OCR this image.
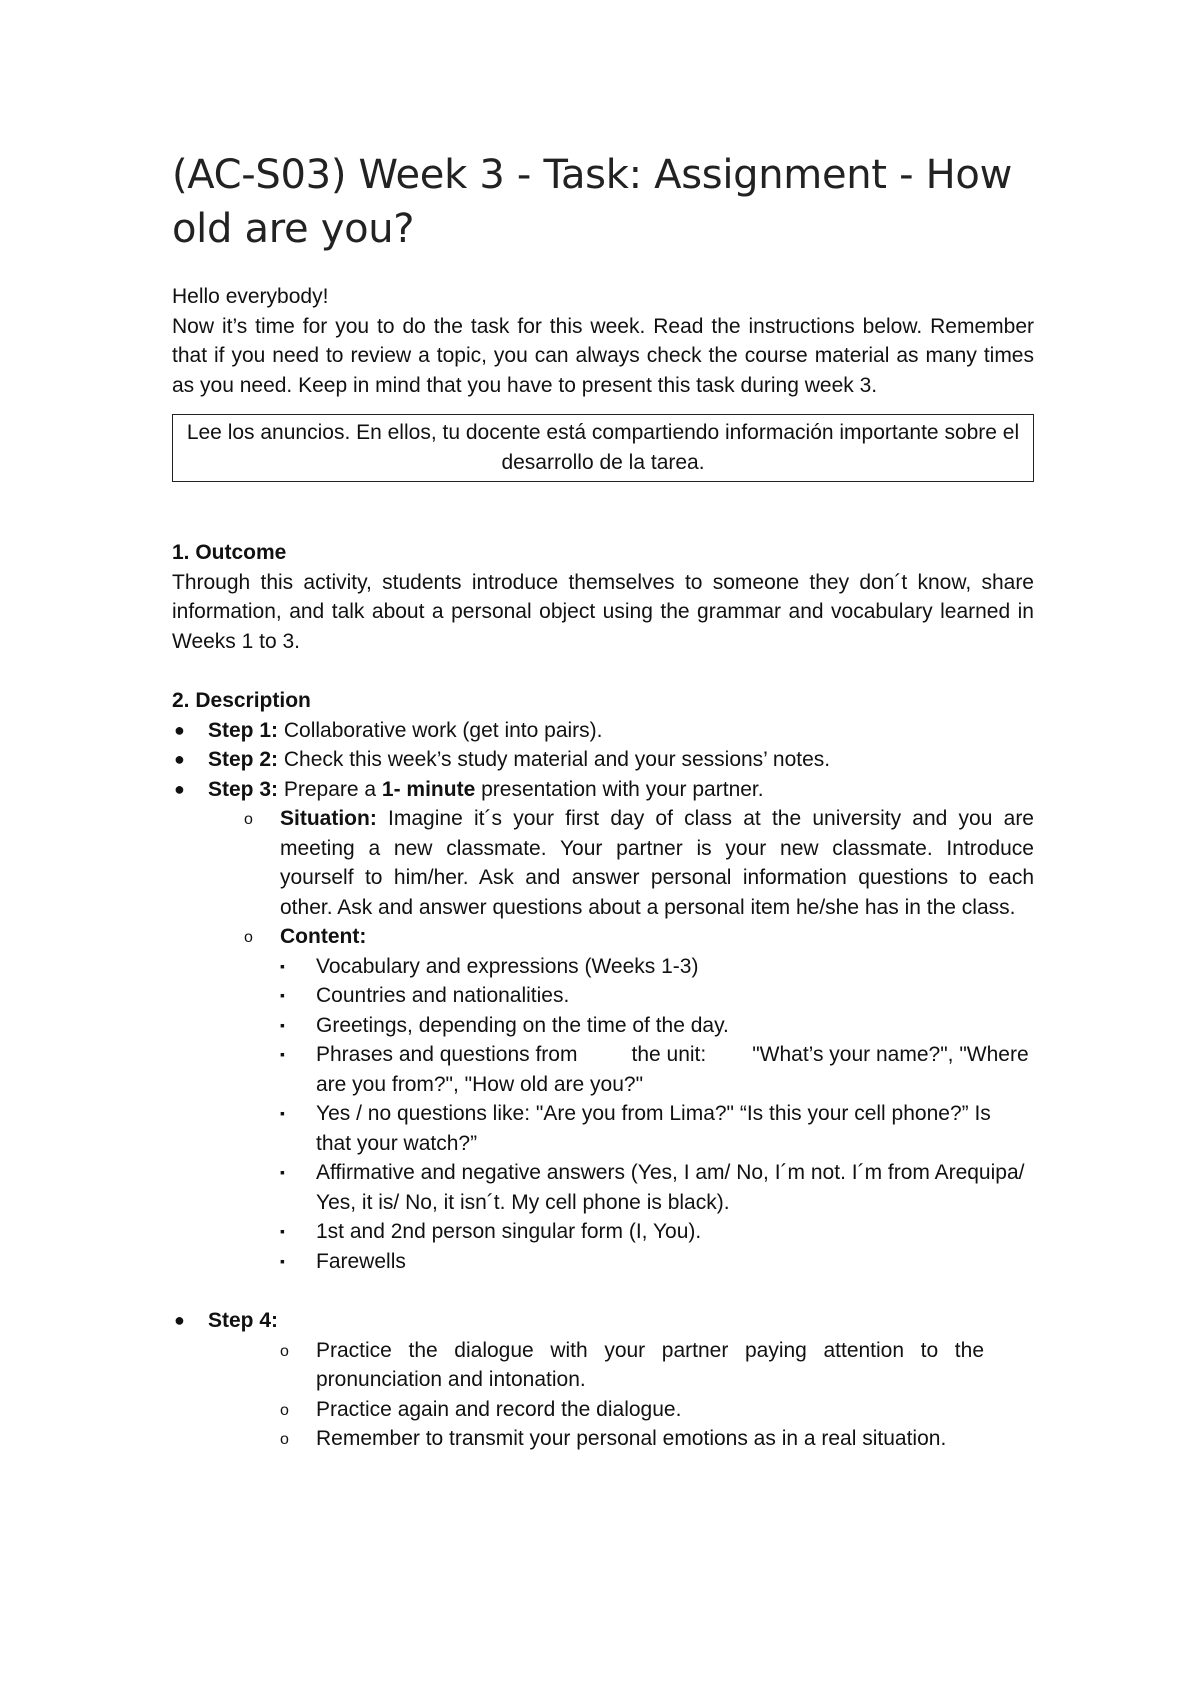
(AC-S03) Week 3 - Task: Assignment - How old are you?

Hello everybody!

Now it’s time for you to do the task for this week. Read the instructions below. Remember that if you need to review a topic, you can always check the course material as many times as you need. Keep in mind that you have to present this task during week 3.

Lee los anuncios. En ellos, tu docente está compartiendo información importante sobre el desarrollo de la tarea.

1. Outcome

Through this activity, students introduce themselves to someone they don´t know, share information, and talk about a personal object using the grammar and vocabulary learned in Weeks 1 to 3.

2. Description

● Step 1: Collaborative work (get into pairs).
● Step 2: Check this week’s study material and your sessions’ notes.
● Step 3: Prepare a 1- minute presentation with your partner.
o Situation: Imagine it´s your first day of class at the university and you are meeting a new classmate. Your partner is your new classmate. Introduce yourself to him/her. Ask and answer personal information questions to each other. Ask and answer questions about a personal item he/she has in the class.
o Content:
▪ Vocabulary and expressions (Weeks 1-3)
▪ Countries and nationalities.
▪ Greetings, depending on the time of the day.
▪ Phrases and questions from	the unit: "What’s your name?", "Where are you from?", "How old are you?"
▪ Yes / no questions like: "Are you from Lima?" “Is this your cell phone?” Is that your watch?”
▪ Affirmative and negative answers (Yes, I am/ No, I´m not. I´m from Arequipa/ Yes, it is/ No, it isn´t. My cell phone is black).
▪ 1st and 2nd person singular form (I, You).
▪ Farewells
● Step 4:
o Practice the dialogue with your partner paying attention to the pronunciation and intonation.
o Practice again and record the dialogue.
o Remember to transmit your personal emotions as in a real situation.
